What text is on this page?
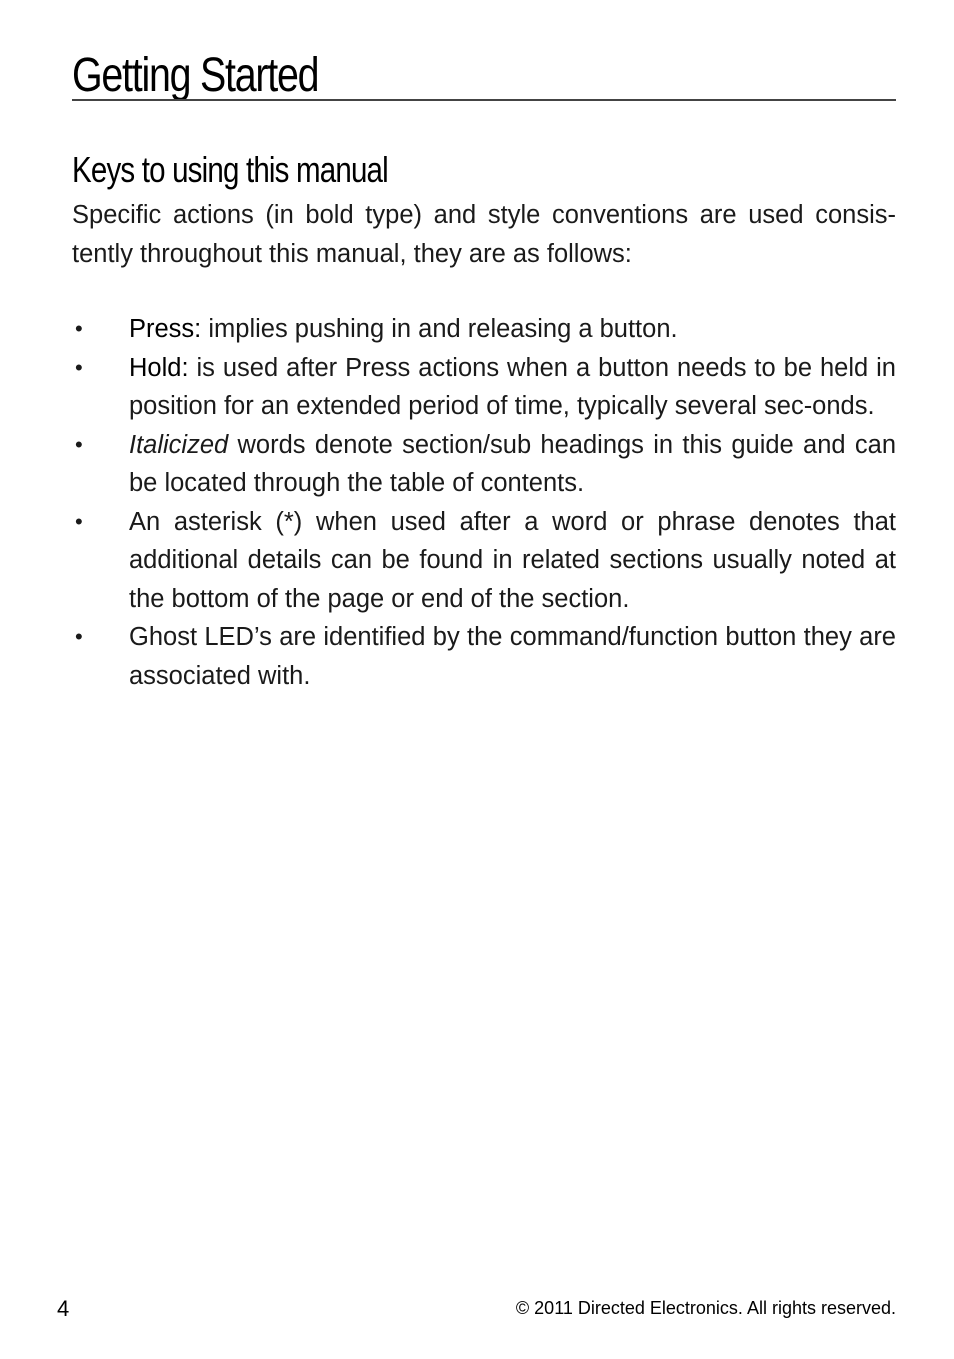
Getting Started
Keys to using this manual

Specific actions (in bold type) and style conventions are used consis-tently throughout this manual, they are as follows:

• Press: implies pushing in and releasing a button.
• Hold: is used after Press actions when a button needs to be held in position for an extended period of time, typically several sec-onds.
• Italicized words denote section/sub headings in this guide and can be located through the table of contents.
• An asterisk (*) when used after a word or phrase denotes that additional details can be found in related sections usually noted at the bottom of the page or end of the section.
• Ghost LED’s are identified by the command/function button they are associated with.
4	© 2011 Directed Electronics. All rights reserved.
